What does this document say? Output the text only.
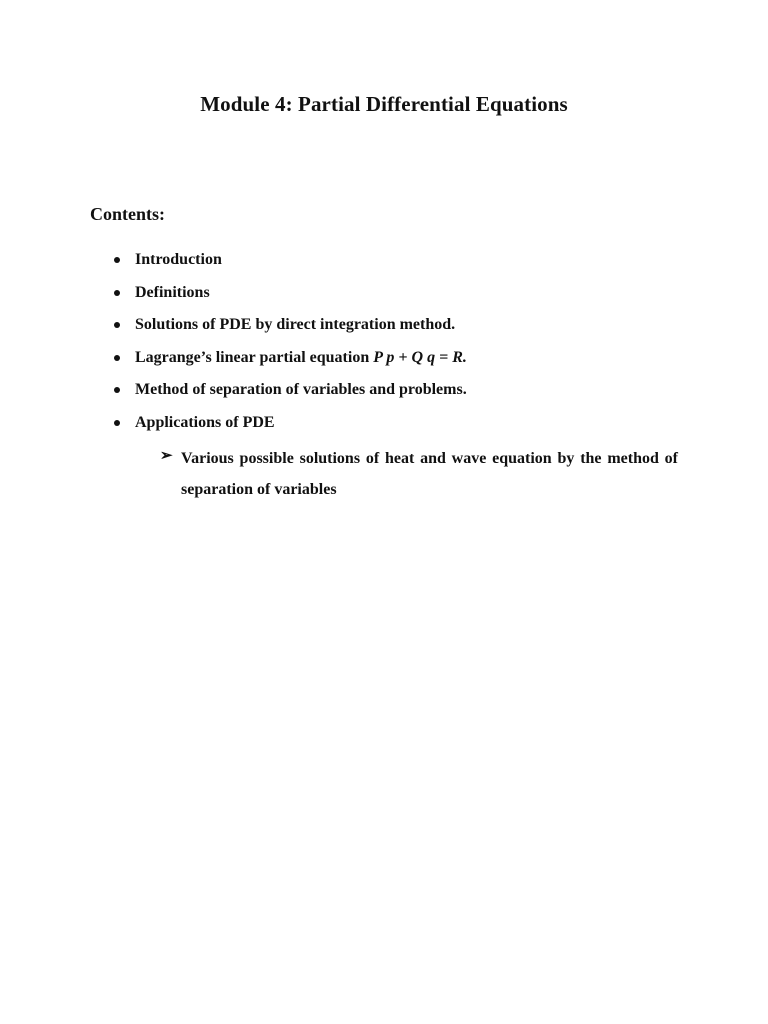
Module 4: Partial Differential Equations
Contents:
Introduction
Definitions
Solutions of PDE by direct integration method.
Lagrange’s linear partial equation P p + Q q = R.
Method of separation of variables and problems.
Applications of PDE
➢ Various possible solutions of heat and wave equation by the method of separation of variables
